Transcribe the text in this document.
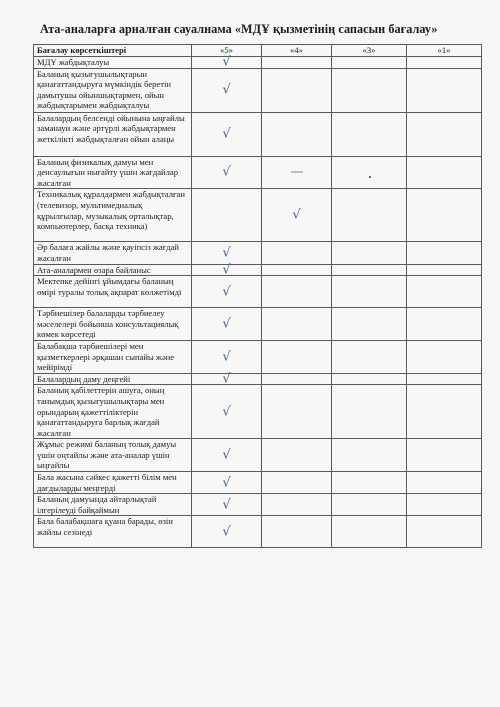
Ата-аналарға арналған сауалнама «МДҰ қызметінің сапасын бағалау»
Бағалау көрсеткіштері	«5»	«4»	«3»	«1»
МДҰ жабдықталуы	√			

Баланың қызығушылықтарын қанағаттандыруға мүмкіндік беретін дамытушы ойыншықтармен, ойын жабдықтарымен жабдықталуы	√			

Балалардың белсенді ойынына ыңғайлы заманауи және әртүрлі жабдықтармен жеткілікті жабдықталған ойын алаңы	√			

Баланың физикалық дамуы мен денсаулығын нығайту үшін жағдайлар жасалған	√			

Техникалық құралдармен жабдықталған (телевизор, мультимедиалық құрылғылар, музыкалық орталықтар, компьютерлер, басқа техника)		√		

Әр балаға жайлы және қауіпсіз жағдай жасалған	√			

Ата-аналармен өзара байланыс	√			

Мектепке дейінгі ұйымдағы баланың өмірі туралы толық ақпарат көлжетімді	√			

Тәрбиешілер балаларды тәрбиелеу мәселелері бойынша консультациялық көмек көрсетеді	√			

Балабақша тәрбиешілері мен қызметкерлері әрқашан сыпайы және мейірімді	√			

Балалардың даму деңгейі	√			

Баланың қабілеттерін ашуға, оның танымдық қызығушылықтары мен орындарың қажеттіліктерін қанағаттандыруға барлық жағдай жасалған	√			

Жұмыс режимі баланың толық дамуы үшін оңтайлы және ата-аналар үшін ыңғайлы	√			

Бала жасына сәйкес қажетті білім мен дағдыларды меңгерді	√			

Баланың дамуында айтарлықтай ілгерілеуді байқаймын	√			

Бала балабақшаға қуана барады, өзін жайлы сезінеді	√			
